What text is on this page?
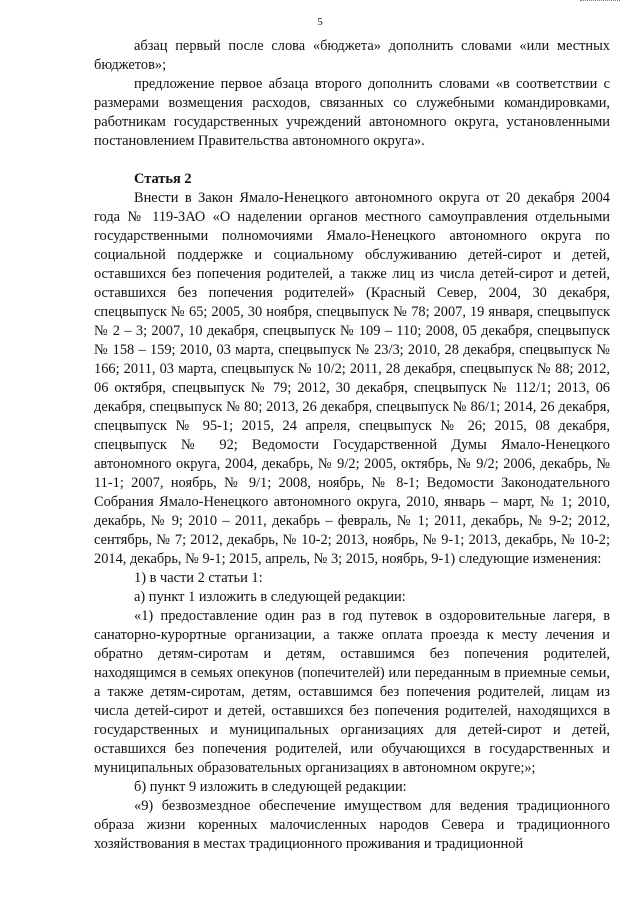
5

абзац первый после слова «бюджета» дополнить словами «или местных бюджетов»;

предложение первое абзаца второго дополнить словами «в соответствии с размерами возмещения расходов, связанных со служебными командировками, работникам государственных учреждений автономного округа, установленными постановлением Правительства автономного округа».

Статья 2

Внести в Закон Ямало-Ненецкого автономного округа от 20 декабря 2004 года № 119-ЗАО «О наделении органов местного самоуправления отдельными государственными полномочиями Ямало-Ненецкого автономного округа по социальной поддержке и социальному обслуживанию детей-сирот и детей, оставшихся без попечения родителей, а также лиц из числа детей-сирот и детей, оставшихся без попечения родителей» (Красный Север, 2004, 30 декабря, спецвыпуск № 65; 2005, 30 ноября, спецвыпуск № 78; 2007, 19 января, спецвыпуск № 2 – 3; 2007, 10 декабря, спецвыпуск № 109 – 110; 2008, 05 декабря, спецвыпуск № 158 – 159; 2010, 03 марта, спецвыпуск № 23/3; 2010, 28 декабря, спецвыпуск № 166; 2011, 03 марта, спецвыпуск № 10/2; 2011, 28 декабря, спецвыпуск № 88; 2012, 06 октября, спецвыпуск № 79; 2012, 30 декабря, спецвыпуск № 112/1; 2013, 06 декабря, спецвыпуск № 80; 2013, 26 декабря, спецвыпуск № 86/1; 2014, 26 декабря, спецвыпуск № 95-1; 2015, 24 апреля, спецвыпуск № 26; 2015, 08 декабря, спецвыпуск № 92; Ведомости Государственной Думы Ямало-Ненецкого автономного округа, 2004, декабрь, № 9/2; 2005, октябрь, № 9/2; 2006, декабрь, № 11-1; 2007, ноябрь, № 9/1; 2008, ноябрь, № 8-1; Ведомости Законодательного Собрания Ямало-Ненецкого автономного округа, 2010, январь – март, № 1; 2010, декабрь, № 9; 2010 – 2011, декабрь – февраль, № 1; 2011, декабрь, № 9-2; 2012, сентябрь, № 7; 2012, декабрь, № 10-2; 2013, ноябрь, № 9-1; 2013, декабрь, № 10-2; 2014, декабрь, № 9-1; 2015, апрель, № 3; 2015, ноябрь, 9-1) следующие изменения:

1) в части 2 статьи 1:

а) пункт 1 изложить в следующей редакции:

«1) предоставление один раз в год путевок в оздоровительные лагеря, в санаторно-курортные организации, а также оплата проезда к месту лечения и обратно детям-сиротам и детям, оставшимся без попечения родителей, находящимся в семьях опекунов (попечителей) или переданным в приемные семьи, а также детям-сиротам, детям, оставшимся без попечения родителей, лицам из числа детей-сирот и детей, оставшихся без попечения родителей, находящихся в государственных и муниципальных организациях для детей-сирот и детей, оставшихся без попечения родителей, или обучающихся в государственных и муниципальных образовательных организациях в автономном округе;»;

б) пункт 9 изложить в следующей редакции:

«9) безвозмездное обеспечение имуществом для ведения традиционного образа жизни коренных малочисленных народов Севера и традиционного хозяйствования в местах традиционного проживания и традиционной
